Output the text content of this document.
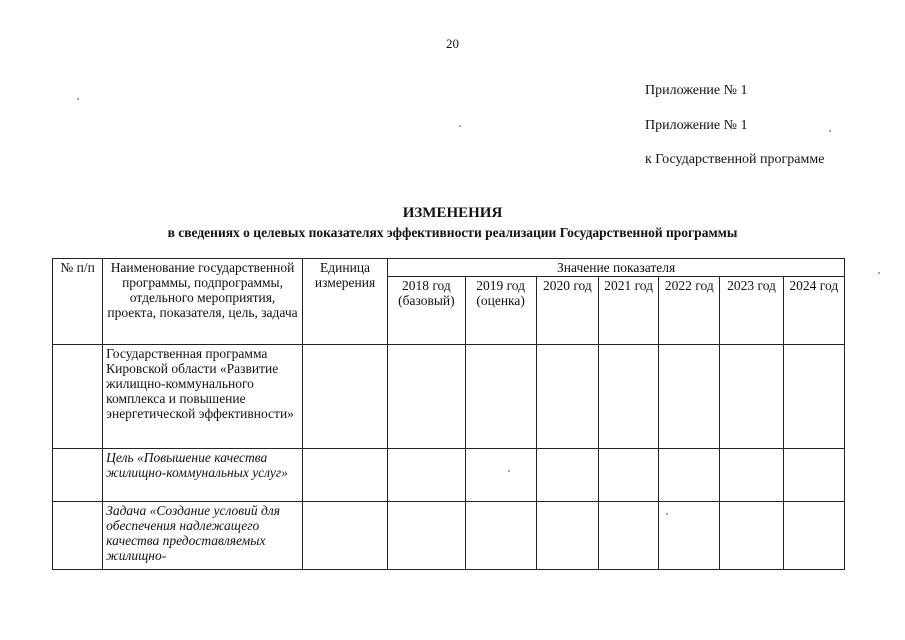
20
Приложение № 1
Приложение № 1
к Государственной программе
ИЗМЕНЕНИЯ
в сведениях о целевых показателях эффективности реализации Государственной программы
№ п/п	Наименование государственной программы, подпрограммы, отдельного мероприятия, проекта, показателя, цель, задача	Единица измерения	Значение показателя						
			2018 год (базовый)	2019 год (оценка)	2020 год	2021 год	2022 год	2023 год	2024 год
	Государственная программа Кировской области «Развитие жилищно-коммунального комплекса и повышение энергетической эффективности»								
	Цель «Повышение качества жилищно-коммунальных услуг»								
	Задача «Создание условий для обеспечения надлежащего качества предоставляемых жилищно-								
